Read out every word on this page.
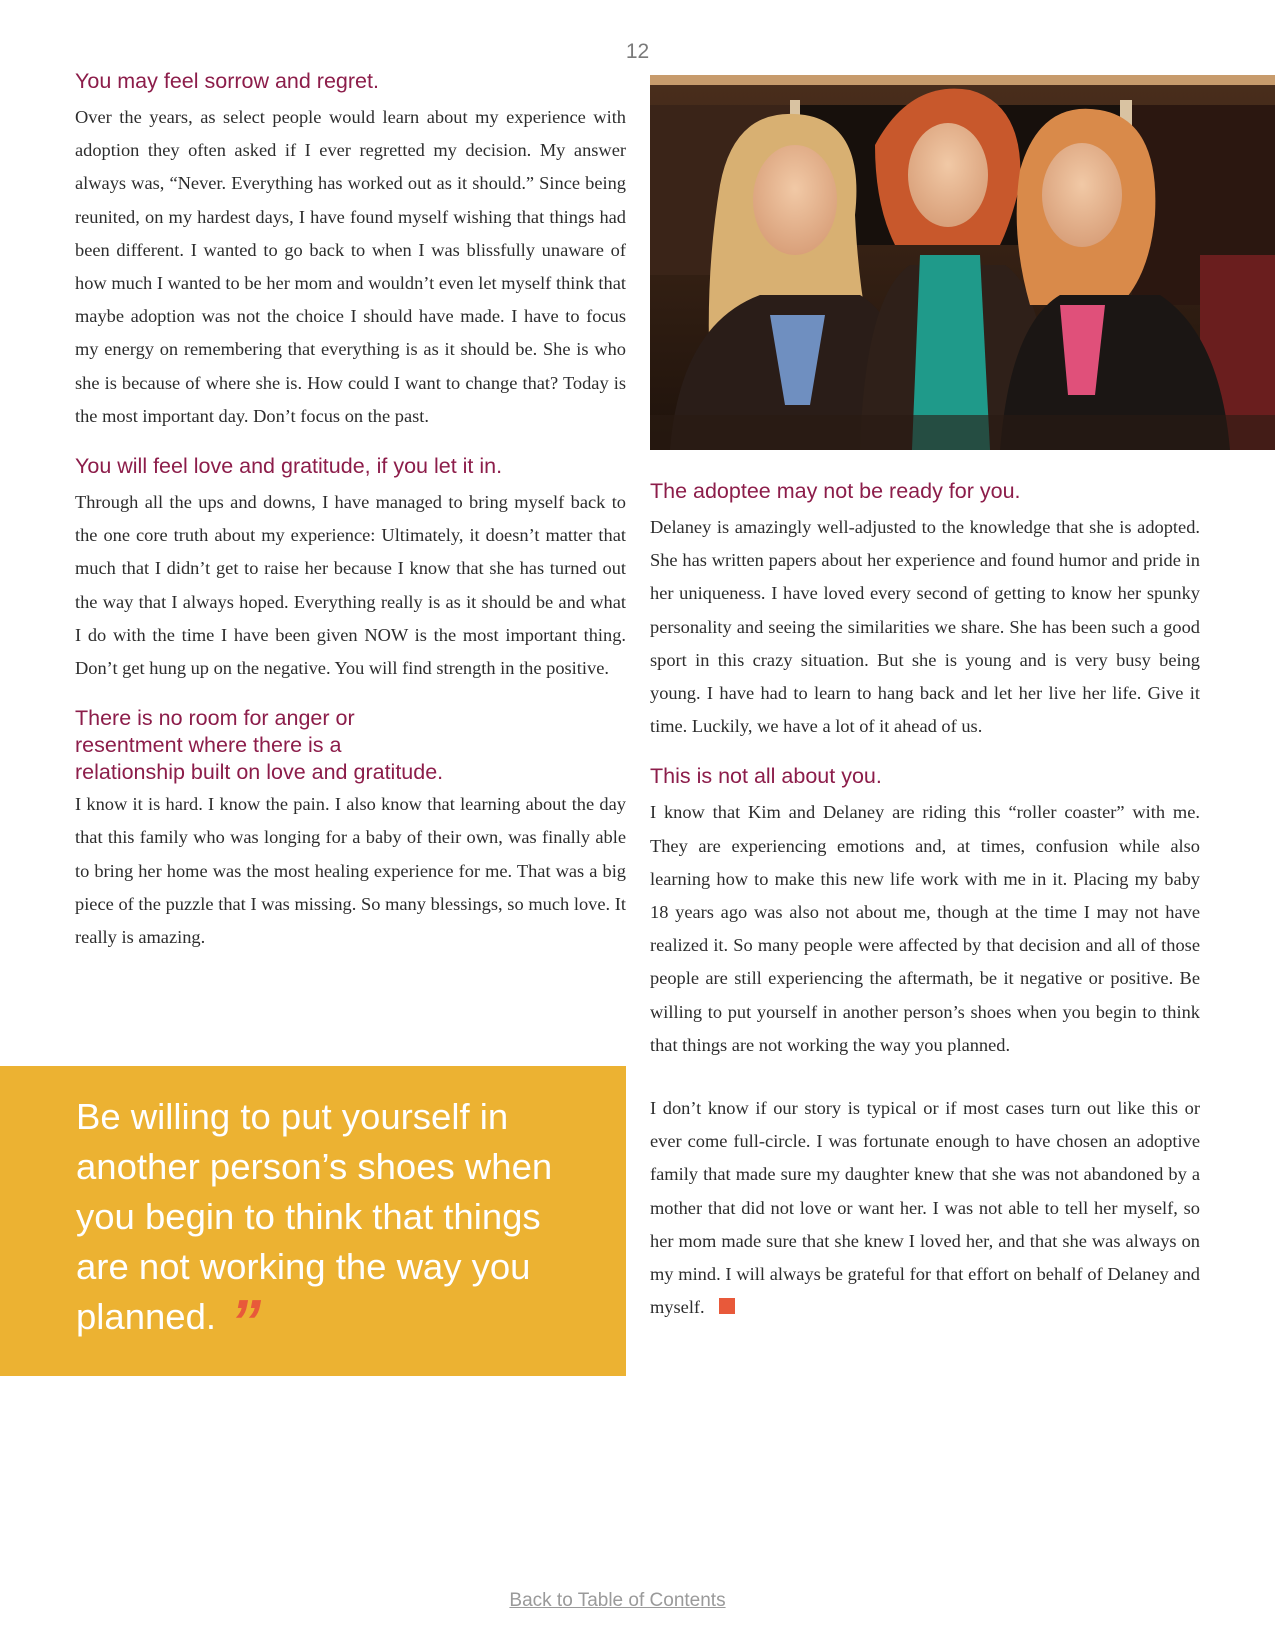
12
You may feel sorrow and regret.

Over the years, as select people would learn about my experience with adoption they often asked if I ever regretted my decision. My answer always was, “Never. Everything has worked out as it should.” Since being reunited, on my hardest days, I have found myself wishing that things had been different. I wanted to go back to when I was blissfully unaware of how much I wanted to be her mom and wouldn’t even let myself think that maybe adoption was not the choice I should have made. I have to focus my energy on remembering that everything is as it should be. She is who she is because of where she is. How could I want to change that? Today is the most important day. Don’t focus on the past.

You will feel love and gratitude, if you let it in.

Through all the ups and downs, I have managed to bring myself back to the one core truth about my experience: Ultimately, it doesn’t matter that much that I didn’t get to raise her because I know that she has turned out the way that I always hoped. Everything really is as it should be and what I do with the time I have been given NOW is the most important thing. Don’t get hung up on the negative. You will find strength in the positive.

There is no room for anger or
resentment where there is a
relationship built on love and gratitude.

I know it is hard. I know the pain. I also know that learning about the day that this family who was longing for a baby of their own, was finally able to bring her home was the most healing experience for me. That was a big piece of the puzzle that I was missing. So many blessings, so much love. It really is amazing.

Be willing to put yourself in another person’s shoes when you begin to think that things are not working the way you planned. ”
The adoptee may not be ready for you.

Delaney is amazingly well-adjusted to the knowledge that she is adopted. She has written papers about her experience and found humor and pride in her uniqueness. I have loved every second of getting to know her spunky personality and seeing the similarities we share. She has been such a good sport in this crazy situation. But she is young and is very busy being young. I have had to learn to hang back and let her live her life. Give it time. Luckily, we have a lot of it ahead of us.

This is not all about you.

I know that Kim and Delaney are riding this “roller coaster” with me. They are experiencing emotions and, at times, confusion while also learning how to make this new life work with me in it. Placing my baby 18 years ago was also not about me, though at the time I may not have realized it. So many people were affected by that decision and all of those people are still experiencing the aftermath, be it negative or positive. Be willing to put yourself in another person’s shoes when you begin to think that things are not working the way you planned.

I don’t know if our story is typical or if most cases turn out like this or ever come full-circle. I was fortunate enough to have chosen an adoptive family that made sure my daughter knew that she was not abandoned by a mother that did not love or want her. I was not able to tell her myself, so her mom made sure that she knew I loved her, and that she was always on my mind. I will always be grateful for that effort on behalf of Delaney and myself.

Back to Table of Contents
